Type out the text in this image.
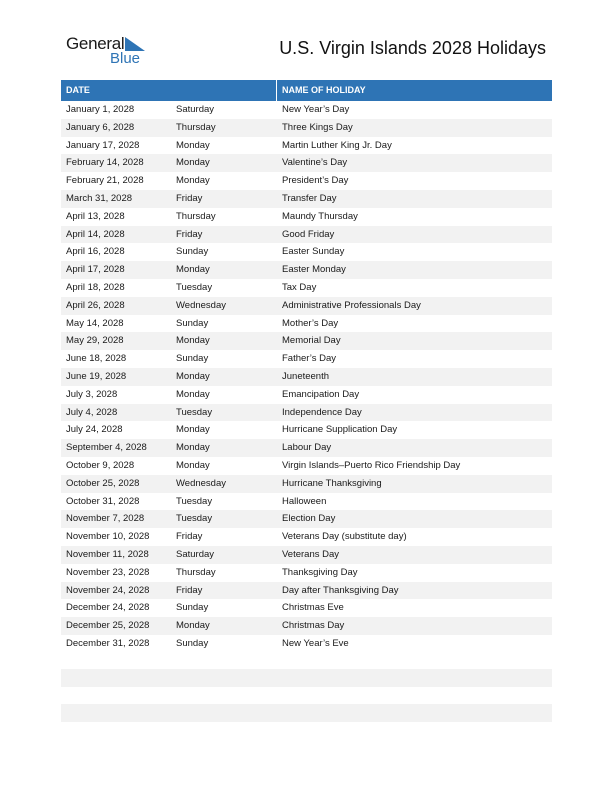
General
Blue
U.S. Virgin Islands 2028 Holidays
DATE	NAME OF HOLIDAY
January 1, 2028	Saturday	New Year’s Day
January 6, 2028	Thursday	Three Kings Day
January 17, 2028	Monday	Martin Luther King Jr. Day
February 14, 2028	Monday	Valentine’s Day
February 21, 2028	Monday	President’s Day
March 31, 2028	Friday	Transfer Day
April 13, 2028	Thursday	Maundy Thursday
April 14, 2028	Friday	Good Friday
April 16, 2028	Sunday	Easter Sunday
April 17, 2028	Monday	Easter Monday
April 18, 2028	Tuesday	Tax Day
April 26, 2028	Wednesday	Administrative Professionals Day
May 14, 2028	Sunday	Mother’s Day
May 29, 2028	Monday	Memorial Day
June 18, 2028	Sunday	Father’s Day
June 19, 2028	Monday	Juneteenth
July 3, 2028	Monday	Emancipation Day
July 4, 2028	Tuesday	Independence Day
July 24, 2028	Monday	Hurricane Supplication Day
September 4, 2028	Monday	Labour Day
October 9, 2028	Monday	Virgin Islands–Puerto Rico Friendship Day
October 25, 2028	Wednesday	Hurricane Thanksgiving
October 31, 2028	Tuesday	Halloween
November 7, 2028	Tuesday	Election Day
November 10, 2028	Friday	Veterans Day (substitute day)
November 11, 2028	Saturday	Veterans Day
November 23, 2028	Thursday	Thanksgiving Day
November 24, 2028	Friday	Day after Thanksgiving Day
December 24, 2028	Sunday	Christmas Eve
December 25, 2028	Monday	Christmas Day
December 31, 2028	Sunday	New Year’s Eve
